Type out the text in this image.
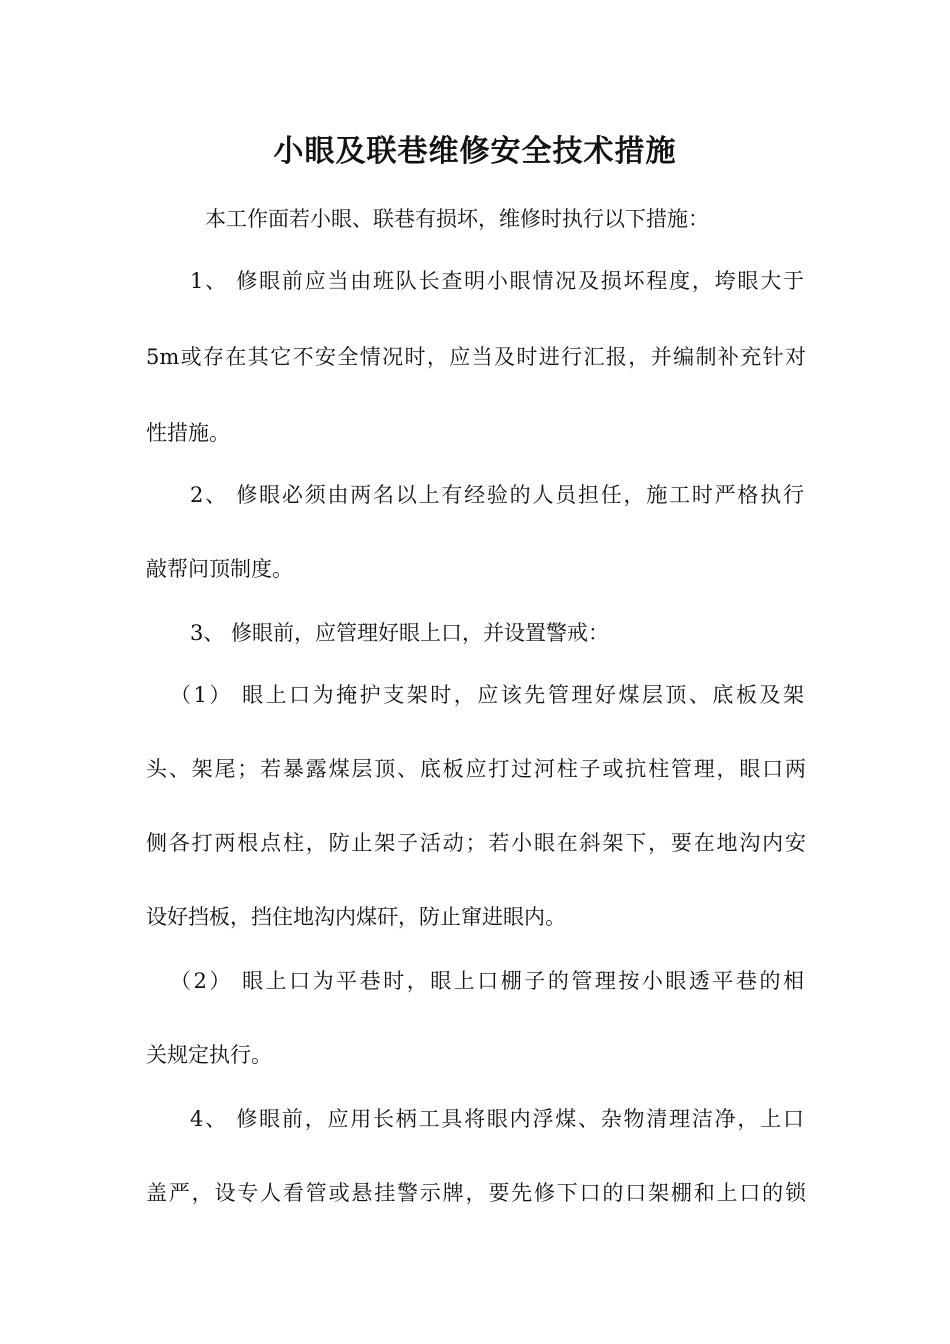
小眼及联巷维修安全技术措施

本工作面若小眼、联巷有损坏，维修时执行以下措施：

1、 修眼前应当由班队长查明小眼情况及损坏程度，垮眼大于

5m或存在其它不安全情况时，应当及时进行汇报，并编制补充针对

性措施。

2、 修眼必须由两名以上有经验的人员担任，施工时严格执行

敲帮问顶制度。

3、 修眼前，应管理好眼上口，并设置警戒：

（1） 眼上口为掩护支架时，应该先管理好煤层顶、底板及架

头、架尾；若暴露煤层顶、底板应打过河柱子或抗柱管理，眼口两

侧各打两根点柱，防止架子活动；若小眼在斜架下，要在地沟内安

设好挡板，挡住地沟内煤矸，防止窜进眼内。

（2） 眼上口为平巷时，眼上口棚子的管理按小眼透平巷的相

关规定执行。

4、 修眼前，应用长柄工具将眼内浮煤、杂物清理洁净，上口

盖严，设专人看管或悬挂警示牌，要先修下口的口架棚和上口的锁
